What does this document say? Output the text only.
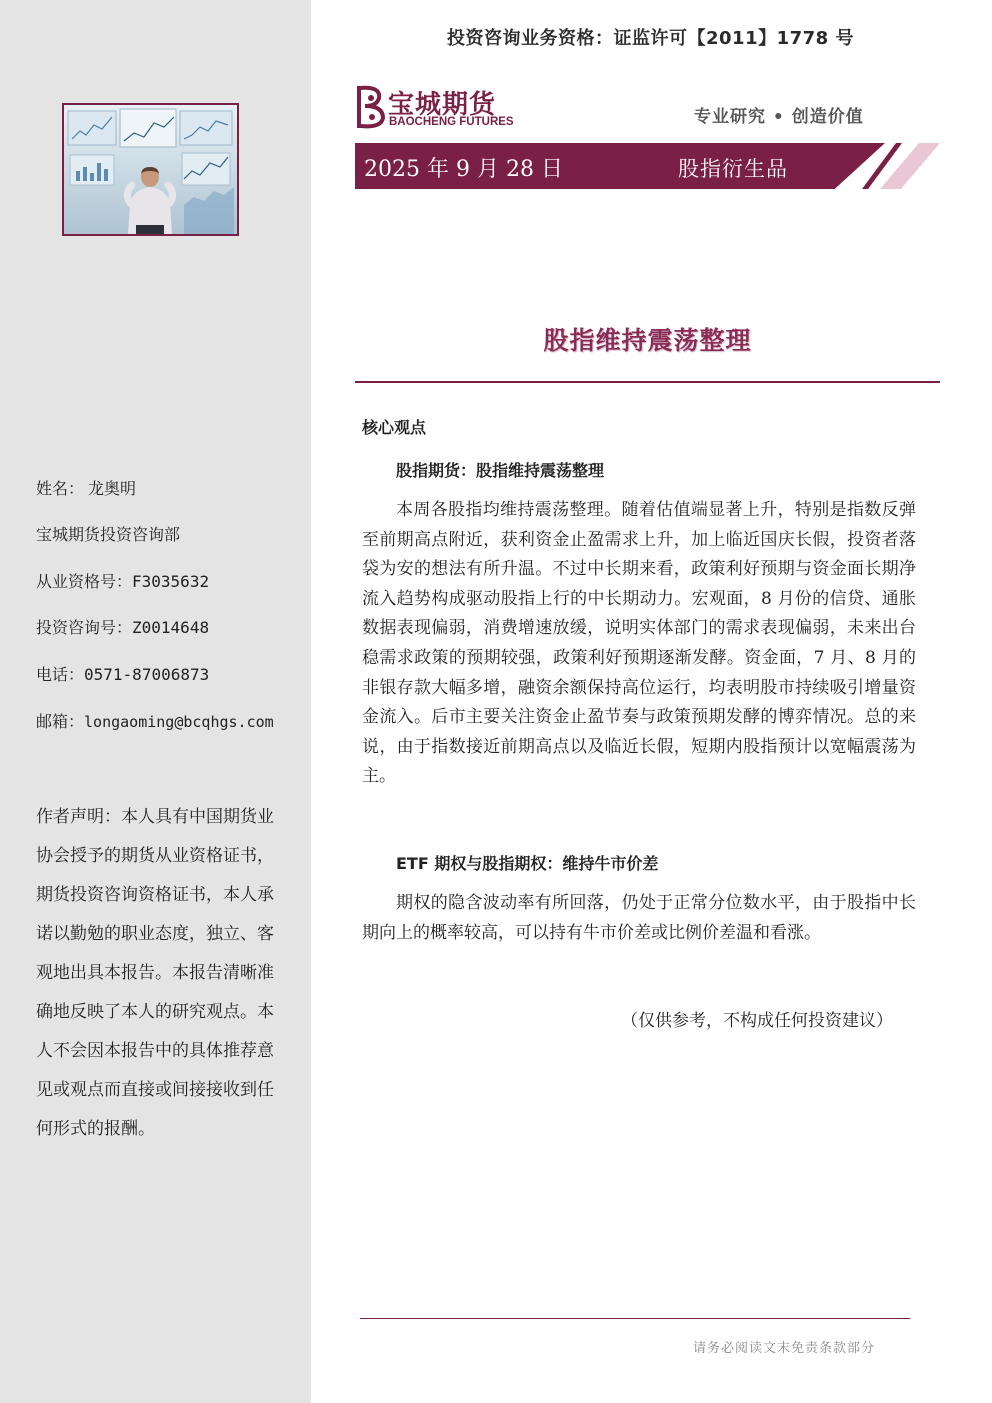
姓名： 龙奥明
宝城期货投资咨询部
从业资格号：F3035632
投资咨询号：Z0014648
电话：0571-87006873
邮箱：longaoming@bcqhgs.com
作者声明：本人具有中国期货业协会授予的期货从业资格证书，期货投资咨询资格证书，本人承诺以勤勉的职业态度，独立、客观地出具本报告。本报告清晰准确地反映了本人的研究观点。本人不会因本报告中的具体推荐意见或观点而直接或间接接收到任何形式的报酬。
投资咨询业务资格：证监许可【2011】1778 号
宝城期货
BAOCHENG FUTURES	专业研究 • 创造价值
2025 年 9 月 28 日	股指衍生品
股指维持震荡整理
核心观点
股指期货：股指维持震荡整理
本周各股指均维持震荡整理。随着估值端显著上升，特别是指数反弹至前期高点附近，获利资金止盈需求上升，加上临近国庆长假，投资者落袋为安的想法有所升温。不过中长期来看，政策利好预期与资金面长期净流入趋势构成驱动股指上行的中长期动力。宏观面，8 月份的信贷、通胀数据表现偏弱，消费增速放缓，说明实体部门的需求表现偏弱，未来出台稳需求政策的预期较强，政策利好预期逐渐发酵。资金面，7 月、8 月的非银存款大幅多增，融资余额保持高位运行，均表明股市持续吸引增量资金流入。后市主要关注资金止盈节奏与政策预期发酵的博弈情况。总的来说，由于指数接近前期高点以及临近长假，短期内股指预计以宽幅震荡为主。
ETF 期权与股指期权：维持牛市价差
期权的隐含波动率有所回落，仍处于正常分位数水平，由于股指中长期向上的概率较高，可以持有牛市价差或比例价差温和看涨。
（仅供参考，不构成任何投资建议）
请务必阅读文末免责条款部分
